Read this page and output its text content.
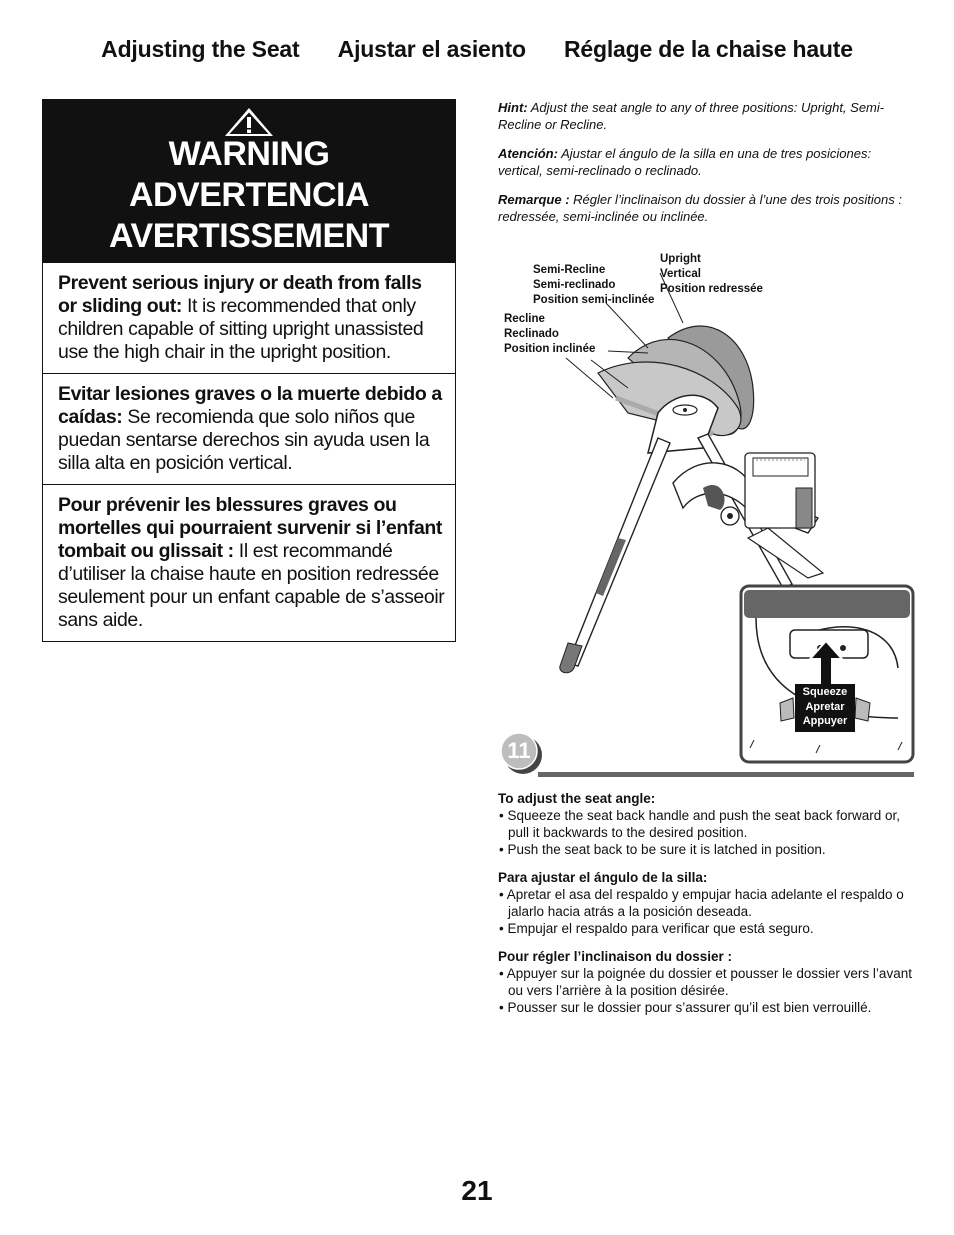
Adjusting the Seat Ajustar el asiento Réglage de la chaise haute
WARNING
ADVERTENCIA
AVERTISSEMENT
Prevent serious injury or death from falls or sliding out: It is recommended that only children capable of sitting upright unassisted use the high chair in the upright position.
Evitar lesiones graves o la muerte debido a caídas: Se recomienda que solo niños que puedan sentarse derechos sin ayuda usen la silla alta en posición vertical.
Pour prévenir les blessures graves ou mortelles qui pourraient survenir si l’enfant tombait ou glissait : Il est recommandé d’utiliser la chaise haute en position redressée seulement pour un enfant capable de s’asseoir sans aide.

Hint: Adjust the seat angle to any of three positions: Upright, Semi-Recline or Recline.

Atención: Ajustar el ángulo de la silla en una de tres posiciones: vertical, semi-reclinado o reclinado.

Remarque : Régler l’inclinaison du dossier à l’une des trois positions : redressée, semi-inclinée ou inclinée.

Semi-Recline
Semi-reclinado
Position semi-inclinée
Upright
Vertical
Position redressée
Recline
Reclinado
Position inclinée
Squeeze
Apretar
Appuyer
11
To adjust the seat angle:
• Squeeze the seat back handle and push the seat back forward or, pull it backwards to the desired position.
• Push the seat back to be sure it is latched in position.
Para ajustar el ángulo de la silla:
• Apretar el asa del respaldo y empujar hacia adelante el respaldo o jalarlo hacia atrás a la posición deseada.
• Empujar el respaldo para verificar que está seguro.
Pour régler l’inclinaison du dossier :
• Appuyer sur la poignée du dossier et pousser le dossier vers l’avant ou vers l’arrière à la position désirée.
• Pousser sur le dossier pour s’assurer qu’il est bien verrouillé.
21
